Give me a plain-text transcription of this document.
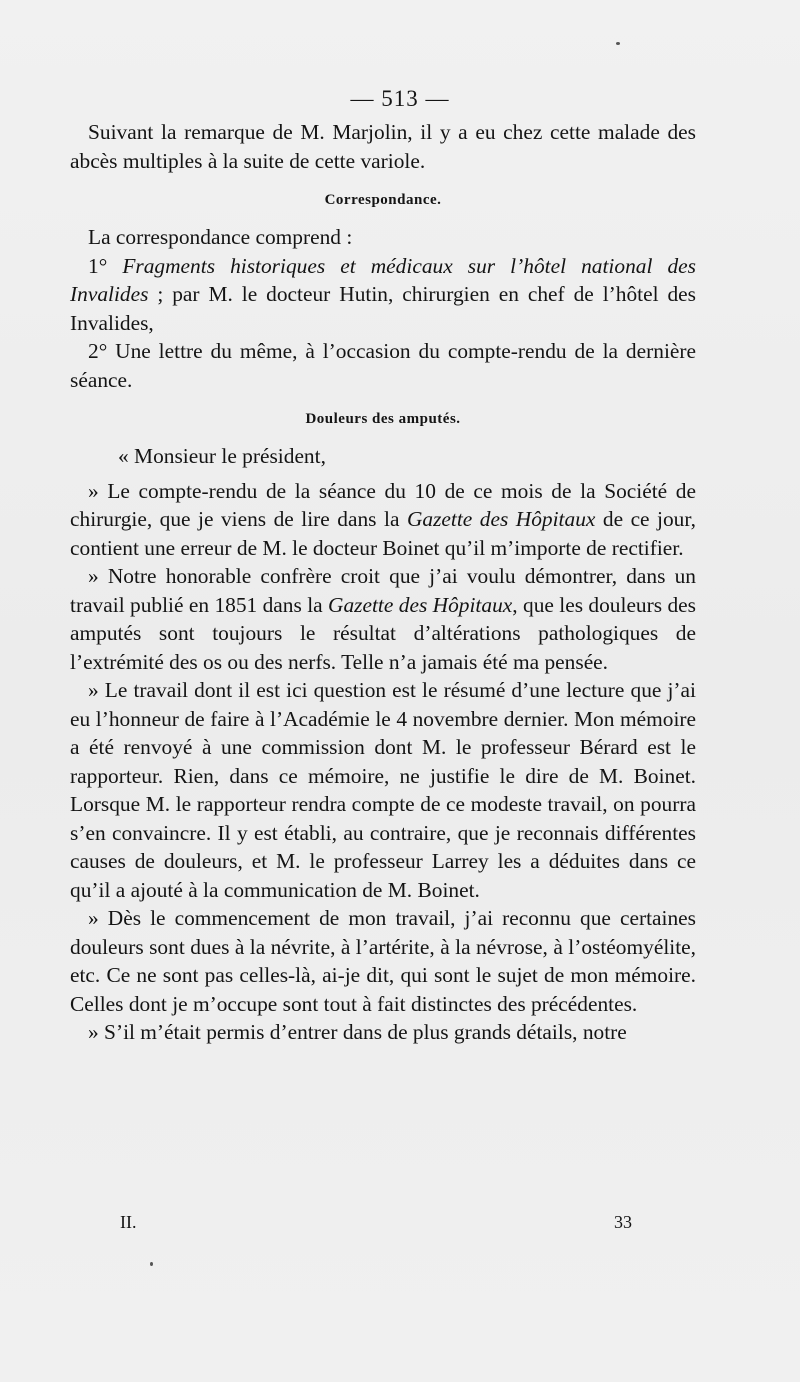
— 513 —

Suivant la remarque de M. Marjolin, il y a eu chez cette malade des abcès multiples à la suite de cette variole.

Correspondance.

La correspondance comprend :

1° Fragments historiques et médicaux sur l’hôtel national des Invalides ; par M. le docteur Hutin, chirurgien en chef de l’hôtel des Invalides,

2° Une lettre du même, à l’occasion du compte-rendu de la dernière séance.

Douleurs des amputés.

« Monsieur le président,

» Le compte-rendu de la séance du 10 de ce mois de la Société de chirurgie, que je viens de lire dans la Gazette des Hôpitaux de ce jour, contient une erreur de M. le docteur Boinet qu’il m’importe de rectifier.

» Notre honorable confrère croit que j’ai voulu démontrer, dans un travail publié en 1851 dans la Gazette des Hôpitaux, que les douleurs des amputés sont toujours le résultat d’altérations pathologiques de l’extrémité des os ou des nerfs. Telle n’a jamais été ma pensée.

» Le travail dont il est ici question est le résumé d’une lecture que j’ai eu l’honneur de faire à l’Académie le 4 novembre dernier. Mon mémoire a été renvoyé à une commission dont M. le professeur Bérard est le rapporteur. Rien, dans ce mémoire, ne justifie le dire de M. Boinet. Lorsque M. le rapporteur rendra compte de ce modeste travail, on pourra s’en convaincre. Il y est établi, au contraire, que je reconnais différentes causes de douleurs, et M. le professeur Larrey les a déduites dans ce qu’il a ajouté à la communication de M. Boinet.

» Dès le commencement de mon travail, j’ai reconnu que certaines douleurs sont dues à la névrite, à l’artérite, à la névrose, à l’ostéomyélite, etc. Ce ne sont pas celles-là, ai-je dit, qui sont le sujet de mon mémoire. Celles dont je m’occupe sont tout à fait distinctes des précédentes.

» S’il m’était permis d’entrer dans de plus grands détails, notre

II.	33
